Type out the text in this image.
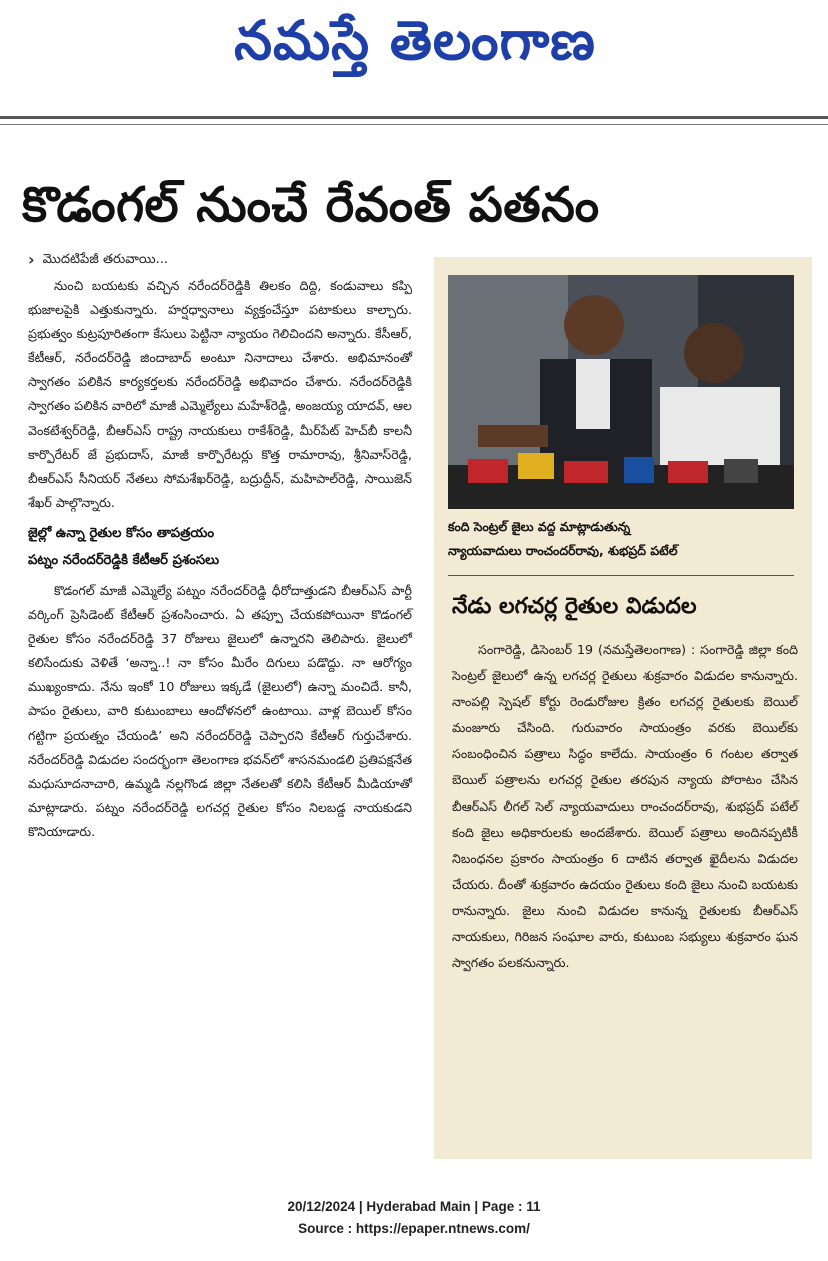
నమస్తే తెలంగాణ
కొడంగల్ నుంచే రేవంత్ పతనం
› మొదటిపేజీ తరువాయి...

నుంచి బయటకు వచ్చిన నరేందర్‌రెడ్డికి తిలకం దిద్ది, కండువాలు కప్పి భుజాలపైకి ఎత్తుకున్నారు. హర్షధ్వానాలు వ్యక్తంచేస్తూ పటాకులు కాల్చారు. ప్రభుత్వం కుట్రపూరితంగా కేసులు పెట్టినా న్యాయం గెలిచిందని అన్నారు. కేసీఆర్, కేటీఆర్, నరేందర్‌రెడ్డి జిందాబాద్ అంటూ నినాదాలు చేశారు. అభిమానంతో స్వాగతం పలికిన కార్యకర్తలకు నరేందర్‌రెడ్డి అభివాదం చేశారు. నరేందర్‌రెడ్డికి స్వాగతం పలికిన వారిలో మాజీ ఎమ్మెల్యేలు మహేశ్‌రెడ్డి, అంజయ్య యాదవ్, ఆల వెంకటేశ్వర్‌రెడ్డి, బీఆర్‌ఎస్ రాష్ట్ర నాయకులు రాకేశ్‌రెడ్డి, మీర్‌పేట్ హెచ్‌బీ కాలనీ కార్పొరేటర్ జే ప్రభుదాస్, మాజీ కార్పొరేటర్లు కొత్త రామారావు, శ్రీనివాస్‌రెడ్డి, బీఆర్‌ఎస్ సీనియర్ నేతలు సోమశేఖర్‌రెడ్డి, బద్రుద్దీన్, మహిపాల్‌రెడ్డి, సాయిజెన్ శేఖర్ పాల్గొన్నారు.

జైల్లో ఉన్నా రైతుల కోసం తాపత్రయం
పట్నం నరేందర్‌రెడ్డికి కేటీఆర్ ప్రశంసలు

కొడంగల్ మాజీ ఎమ్మెల్యే పట్నం నరేందర్‌రెడ్డి ధీరోదాత్తుడని బీఆర్‌ఎస్ పార్టీ వర్కింగ్ ప్రెసిడెంట్ కేటీఆర్ ప్రశంసించారు. ఏ తప్పూ చేయకపోయినా కొడంగల్ రైతుల కోసం నరేందర్‌రెడ్డి 37 రోజులు జైలులో ఉన్నారని తెలిపారు. జైలులో కలిసేందుకు వెళితే ‘అన్నా..! నా కోసం మీరేం దిగులు పడొద్దు. నా ఆరోగ్యం ముఖ్యంకాదు. నేను ఇంకో 10 రోజులు ఇక్కడే (జైలులో) ఉన్నా మంచిదే. కానీ, పాపం రైతులు, వారి కుటుంబాలు ఆందోళనలో ఉంటాయి. వాళ్ల బెయిల్ కోసం గట్టిగా ప్రయత్నం చేయండి’ అని నరేందర్‌రెడ్డి చెప్పారని కేటీఆర్ గుర్తుచేశారు. నరేందర్‌రెడ్డి విడుదల సందర్భంగా తెలంగాణ భవన్‌లో శాసనమండలి ప్రతిపక్షనేత మధుసూదనాచారి, ఉమ్మడి నల్లగొండ జిల్లా నేతలతో కలిసి కేటీఆర్ మీడియాతో మాట్లాడారు. పట్నం నరేందర్‌రెడ్డి లగచర్ల రైతుల కోసం నిలబడ్డ నాయకుడని కొనియాడారు.

కంది సెంట్రల్ జైలు వద్ద మాట్లాడుతున్న
న్యాయవాదులు రాంచందర్‌రావు, శుభప్రద్ పటేల్
నేడు లగచర్ల రైతుల విడుదల

సంగారెడ్డి, డిసెంబర్ 19 (నమస్తేతెలంగాణ) : సంగారెడ్డి జిల్లా కంది సెంట్రల్ జైలులో ఉన్న లగచర్ల రైతులు శుక్రవారం విడుదల కానున్నారు. నాంపల్లి స్పెషల్ కోర్టు రెండురోజుల క్రితం లగచర్ల రైతులకు బెయిల్ మంజూరు చేసింది. గురువారం సాయంత్రం వరకు బెయిల్‌కు సంబంధించిన పత్రాలు సిద్ధం కాలేదు. సాయంత్రం 6 గంటల తర్వాత బెయిల్ పత్రాలను లగచర్ల రైతుల తరపున న్యాయ పోరాటం చేసిన బీఆర్‌ఎస్ లీగల్ సెల్ న్యాయవాదులు రాంచందర్‌రావు, శుభప్రద్ పటేల్ కంది జైలు అధికారులకు అందజేశారు. బెయిల్ పత్రాలు అందినప్పటికీ నిబంధనల ప్రకారం సాయంత్రం 6 దాటిన తర్వాత ఖైదీలను విడుదల చేయరు. దీంతో శుక్రవారం ఉదయం రైతులు కంది జైలు నుంచి బయటకు రానున్నారు. జైలు నుంచి విడుదల కానున్న రైతులకు బీఆర్‌ఎస్ నాయకులు, గిరిజన సంఘాల వారు, కుటుంబ సభ్యులు శుక్రవారం ఘన స్వాగతం పలకనున్నారు.

20/12/2024 | Hyderabad Main | Page : 11
Source : https://epaper.ntnews.com/
